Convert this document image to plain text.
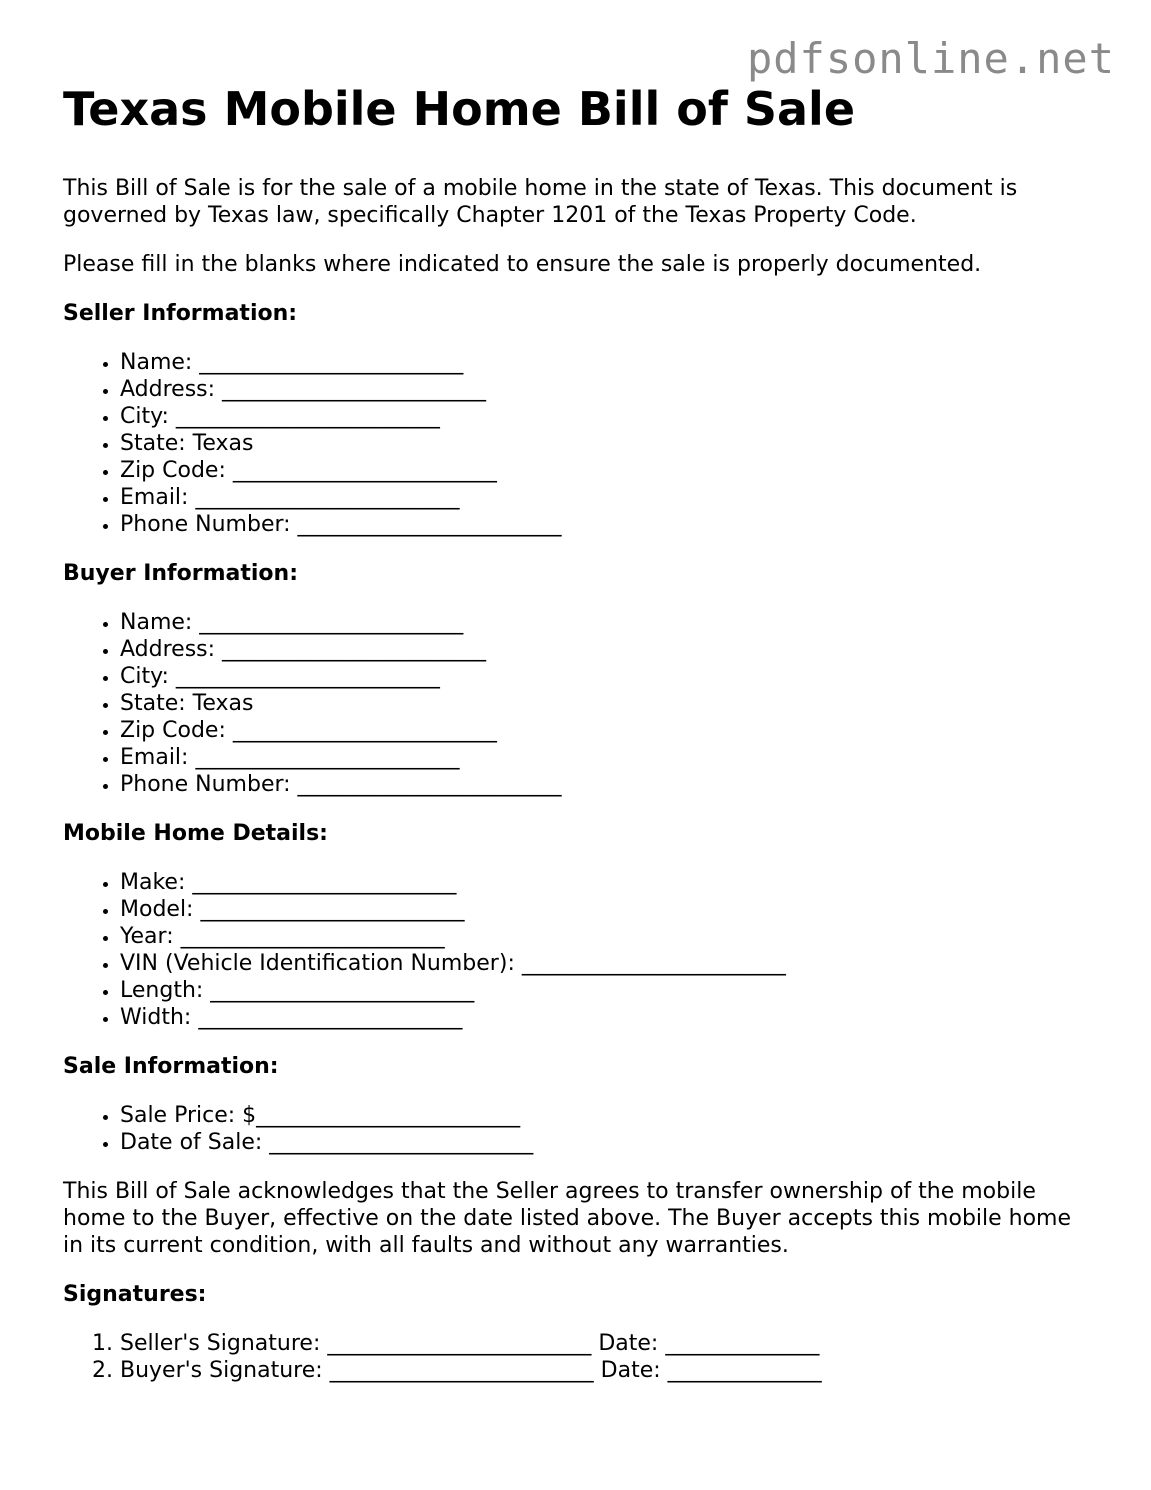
pdfsonline.net
Texas Mobile Home Bill of Sale

This Bill of Sale is for the sale of a mobile home in the state of Texas. This document is governed by Texas law, specifically Chapter 1201 of the Texas Property Code.

Please fill in the blanks where indicated to ensure the sale is properly documented.

Seller Information:
• Name: ________________________
• Address: ________________________
• City: ________________________
• State: Texas
• Zip Code: ________________________
• Email: ________________________
• Phone Number: ________________________
Buyer Information:
• Name: ________________________
• Address: ________________________
• City: ________________________
• State: Texas
• Zip Code: ________________________
• Email: ________________________
• Phone Number: ________________________
Mobile Home Details:
• Make: ________________________
• Model: ________________________
• Year: ________________________
• VIN (Vehicle Identification Number): ________________________
• Length: ________________________
• Width: ________________________
Sale Information:
• Sale Price: $________________________
• Date of Sale: ________________________

This Bill of Sale acknowledges that the Seller agrees to transfer ownership of the mobile home to the Buyer, effective on the date listed above. The Buyer accepts this mobile home in its current condition, with all faults and without any warranties.

Signatures:
1. Seller's Signature: ________________________ Date: ______________
2. Buyer's Signature: ________________________ Date: ______________
